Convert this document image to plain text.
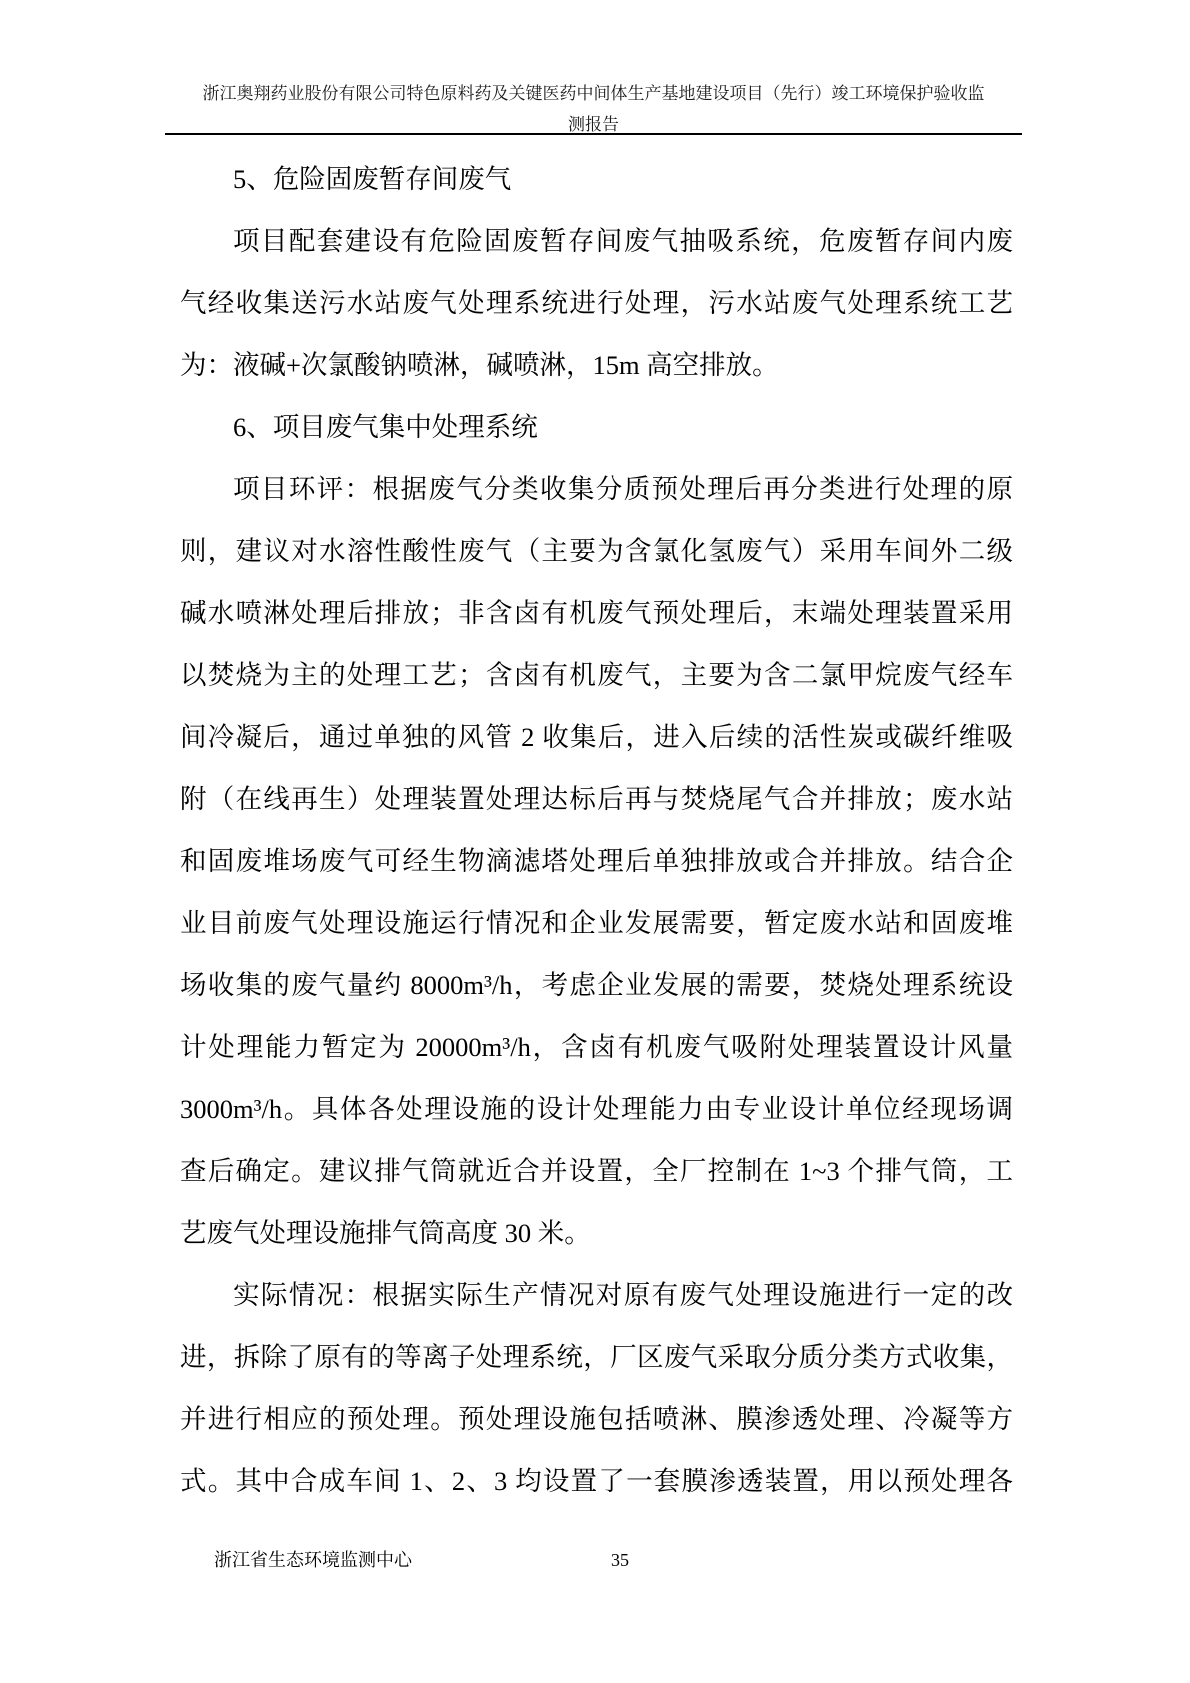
浙江奥翔药业股份有限公司特色原料药及关键医药中间体生产基地建设项目（先行）竣工环境保护验收监
测报告
5、危险固废暂存间废气
项目配套建设有危险固废暂存间废气抽吸系统，危废暂存间内废
气经收集送污水站废气处理系统进行处理，污水站废气处理系统工艺
为：液碱+次氯酸钠喷淋，碱喷淋，15m 高空排放。
6、项目废气集中处理系统
项目环评：根据废气分类收集分质预处理后再分类进行处理的原
则，建议对水溶性酸性废气（主要为含氯化氢废气）采用车间外二级
碱水喷淋处理后排放；非含卤有机废气预处理后，末端处理装置采用
以焚烧为主的处理工艺；含卤有机废气，主要为含二氯甲烷废气经车
间冷凝后，通过单独的风管 2 收集后，进入后续的活性炭或碳纤维吸
附（在线再生）处理装置处理达标后再与焚烧尾气合并排放；废水站
和固废堆场废气可经生物滴滤塔处理后单独排放或合并排放。结合企
业目前废气处理设施运行情况和企业发展需要，暂定废水站和固废堆
场收集的废气量约 8000m³/h，考虑企业发展的需要，焚烧处理系统设
计处理能力暂定为 20000m³/h，含卤有机废气吸附处理装置设计风量
3000m³/h。具体各处理设施的设计处理能力由专业设计单位经现场调
查后确定。建议排气筒就近合并设置，全厂控制在 1~3 个排气筒，工
艺废气处理设施排气筒高度 30 米。
实际情况：根据实际生产情况对原有废气处理设施进行一定的改
进，拆除了原有的等离子处理系统，厂区废气采取分质分类方式收集，
并进行相应的预处理。预处理设施包括喷淋、膜渗透处理、冷凝等方
式。其中合成车间 1、2、3 均设置了一套膜渗透装置，用以预处理各
浙江省生态环境监测中心	35
